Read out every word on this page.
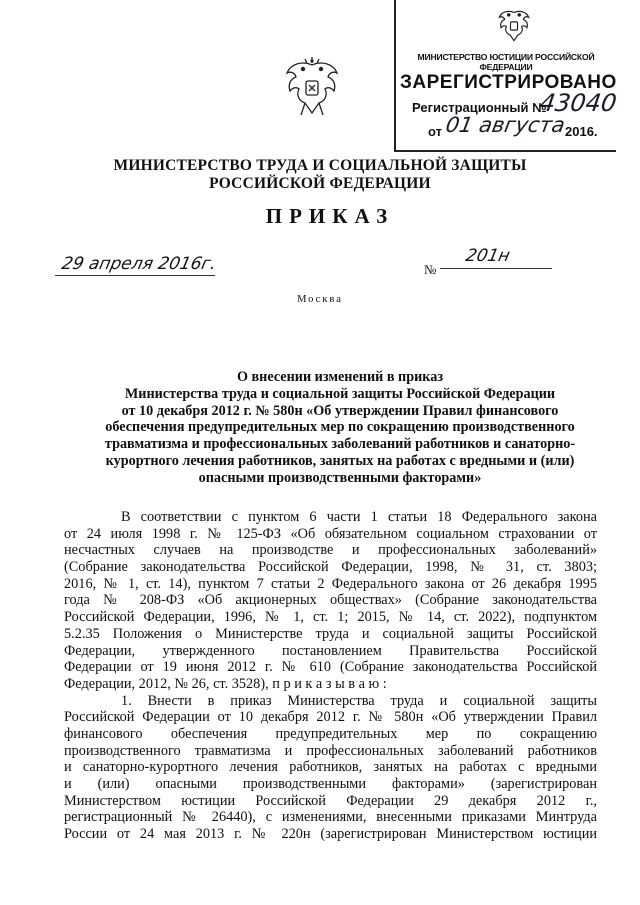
МИНИСТЕРСТВО ЮСТИЦИИ РОССИЙСКОЙ ФЕДЕРАЦИИ
ЗАРЕГИСТРИРОВАНО
Регистрационный №
43040
от 01 августа
2016.
МИНИСТЕРСТВО ТРУДА И СОЦИАЛЬНОЙ ЗАЩИТЫ
РОССИЙСКОЙ ФЕДЕРАЦИИ
ПРИКАЗ
29 апреля 2016г.	№
201н
Москва
О внесении изменений в приказ
Министерства труда и социальной защиты Российской Федерации
от 10 декабря 2012 г. № 580н «Об утверждении Правил финансового
обеспечения предупредительных мер по сокращению производственного
травматизма и профессиональных заболеваний работников и санаторно-
курортного лечения работников, занятых на работах с вредными и (или)
опасными производственными факторами»
В соответствии с пунктом 6 части 1 статьи 18 Федерального закона
от 24 июля 1998 г. № 125-ФЗ «Об обязательном социальном страховании от
несчастных случаев на производстве и профессиональных заболеваний»
(Собрание законодательства Российской Федерации, 1998, № 31, ст. 3803;
2016, № 1, ст. 14), пунктом 7 статьи 2 Федерального закона от 26 декабря 1995
года № 208-ФЗ «Об акционерных обществах» (Собрание законодательства
Российской Федерации, 1996, № 1, ст. 1; 2015, № 14, ст. 2022), подпунктом
5.2.35 Положения о Министерстве труда и социальной защиты Российской
Федерации, утвержденного постановлением Правительства Российской
Федерации от 19 июня 2012 г. № 610 (Собрание законодательства Российской
Федерации, 2012, № 26, ст. 3528), п р и к а з ы в а ю :
1. Внести в приказ Министерства труда и социальной защиты
Российской Федерации от 10 декабря 2012 г. № 580н «Об утверждении Правил
финансового обеспечения предупредительных мер по сокращению
производственного травматизма и профессиональных заболеваний работников
и санаторно-курортного лечения работников, занятых на работах с вредными
и (или) опасными производственными факторами» (зарегистрирован
Министерством юстиции Российской Федерации 29 декабря 2012 г.,
регистрационный № 26440), с изменениями, внесенными приказами Минтруда
России от 24 мая 2013 г. № 220н (зарегистрирован Министерством юстиции
